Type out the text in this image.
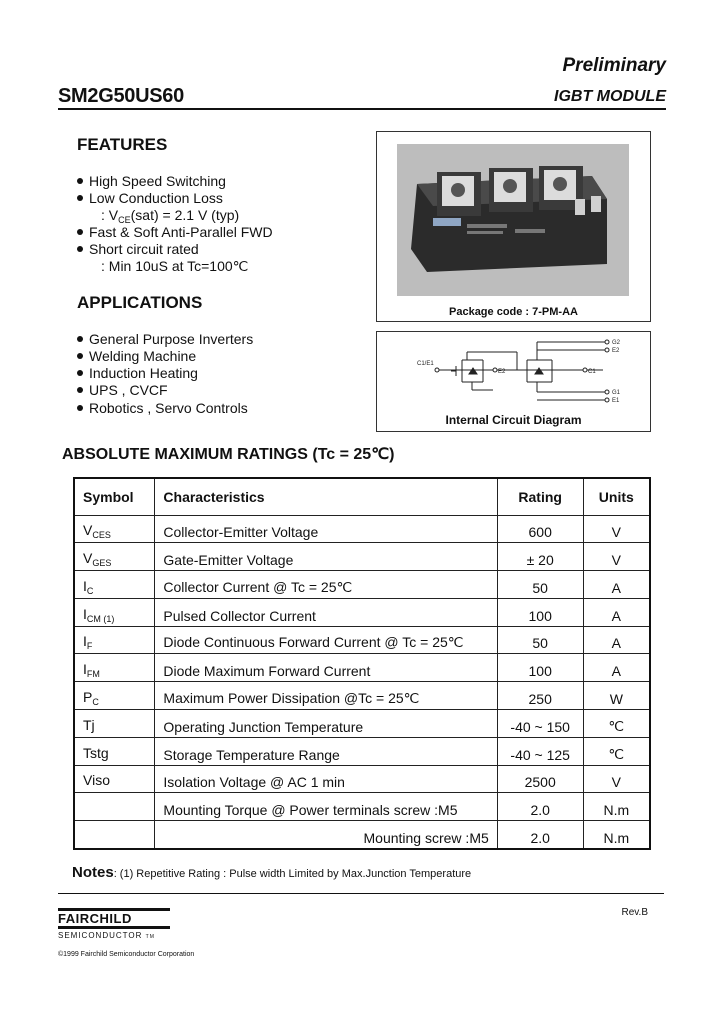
Preliminary
SM2G50US60	IGBT MODULE
FEATURES
High Speed Switching
Low Conduction Loss
: $V_{CE}(sat) = 2.1$ V (typ)
Fast & Soft Anti-Parallel FWD
Short circuit rated
: Min 10uS at Tc=100℃
APPLICATIONS
General Purpose Inverters
Welding Machine
Induction Heating
UPS , CVCF
Robotics , Servo Controls
Package code : 7-PM-AA
C1/E1
E2
G2
E2
C1
G1
E1
Internal Circuit Diagram
ABSOLUTE MAXIMUM RATINGS (Tc = 25℃)
Symbol	Characteristics	Rating	Units
$V_{CES}$	Collector-Emitter Voltage	600	V
$V_{GES}$	Gate-Emitter Voltage	± 20	V
$I_C$	Collector Current @ Tc = 25℃	50	A
$I_{CM (1)}$	Pulsed Collector Current	100	A
$I_F$	Diode Continuous Forward Current @ Tc = 25℃	50	A
$I_{FM}$	Diode Maximum Forward Current	100	A
$P_C$	Maximum Power Dissipation @Tc = 25℃	250	W
Tj	Operating Junction Temperature	-40 ~ 150	℃
Tstg	Storage Temperature Range	-40 ~ 125	℃
Viso	Isolation Voltage @ AC 1 min	2500	V
	Mounting Torque @ Power terminals screw :M5	2.0	N.m
	Mounting screw :M5	2.0	N.m
Notes: (1) Repetitive Rating : Pulse width Limited by Max.Junction Temperature
FAIRCHILD
SEMICONDUCTOR TM
Rev.B
©1999 Fairchild Semiconductor Corporation
